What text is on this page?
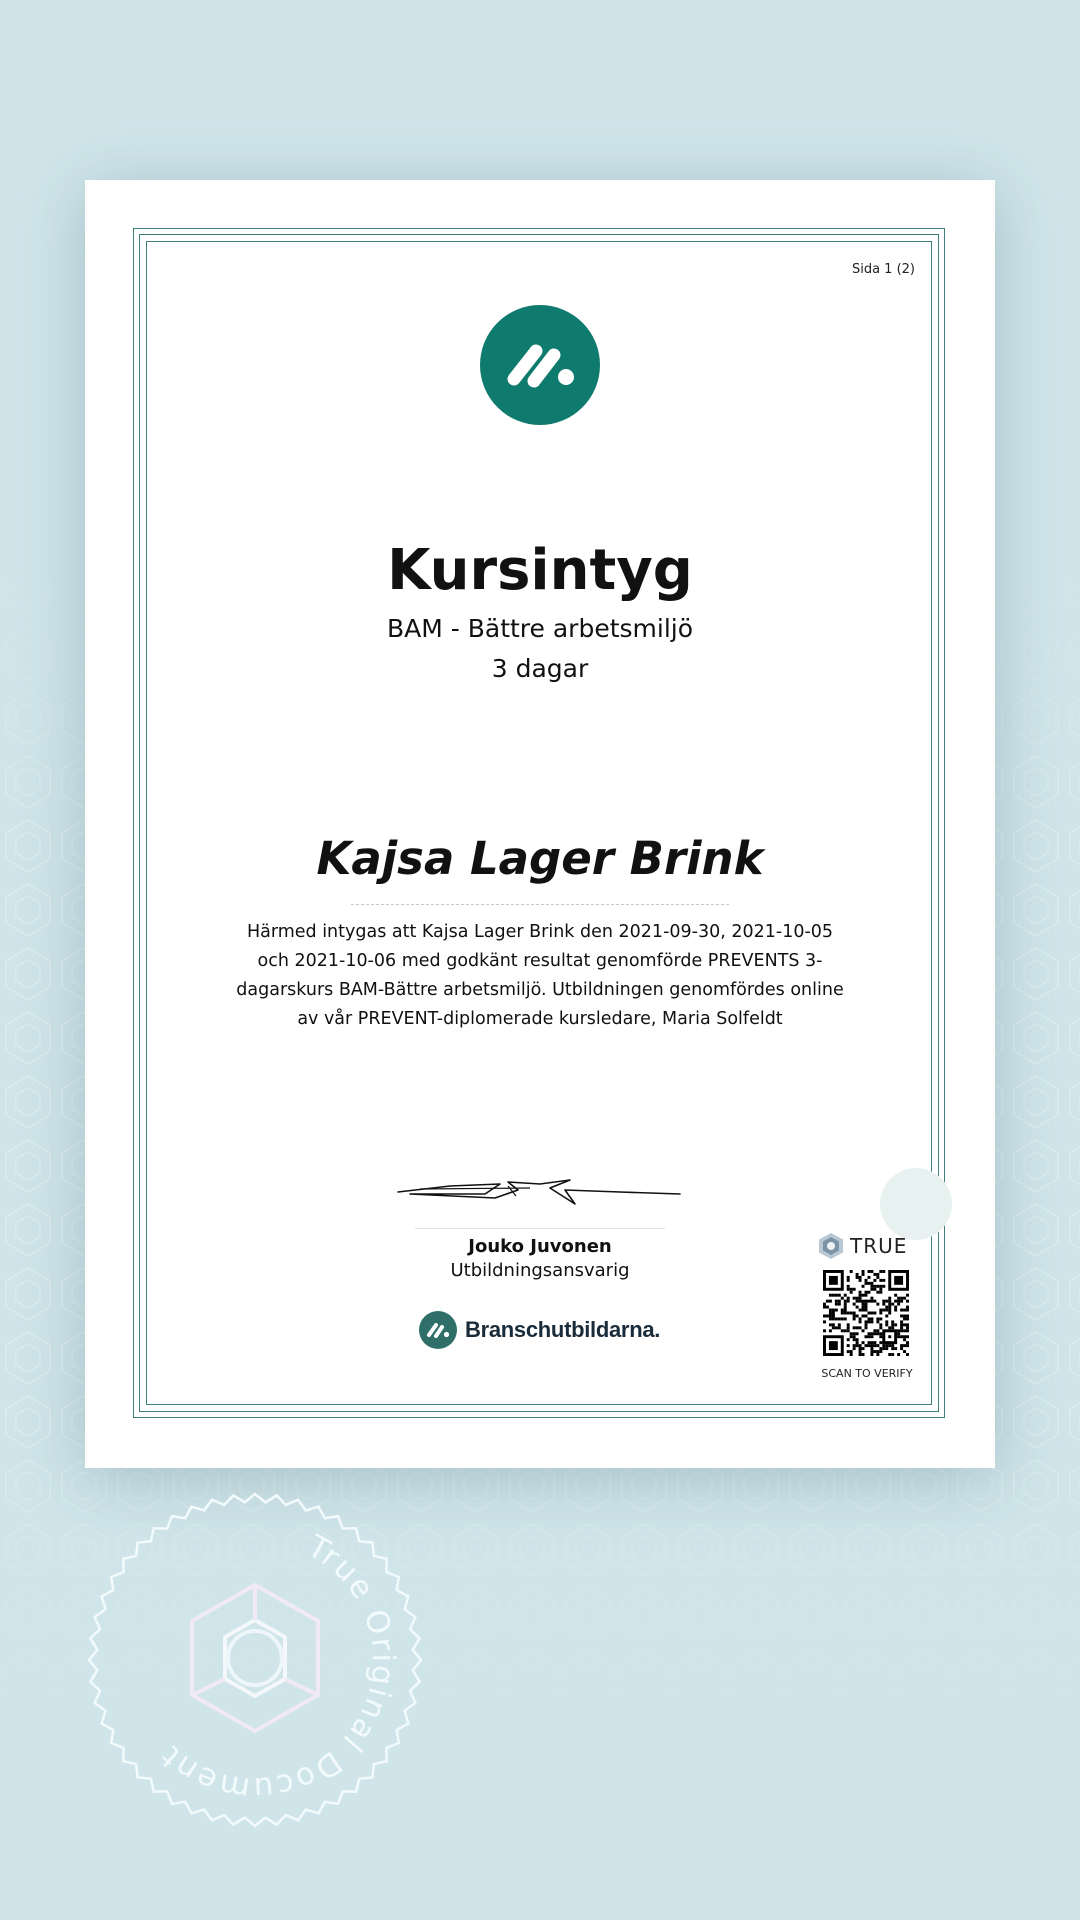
Sida 1 (2)
Kursintyg
BAM - Bättre arbetsmiljö
3 dagar
Kajsa Lager Brink
Härmed intygas att Kajsa Lager Brink den 2021-09-30, 2021-10-05 och 2021-10-06 med godkänt resultat genomförde PREVENTS 3-dagarskurs BAM-Bättre arbetsmiljö. Utbildningen genomfördes online av vår PREVENT-diplomerade kursledare, Maria Solfeldt
Jouko Juvonen
Utbildningsansvarig
Branschutbildarna.
TRUE
SCAN TO VERIFY
True Original Document
